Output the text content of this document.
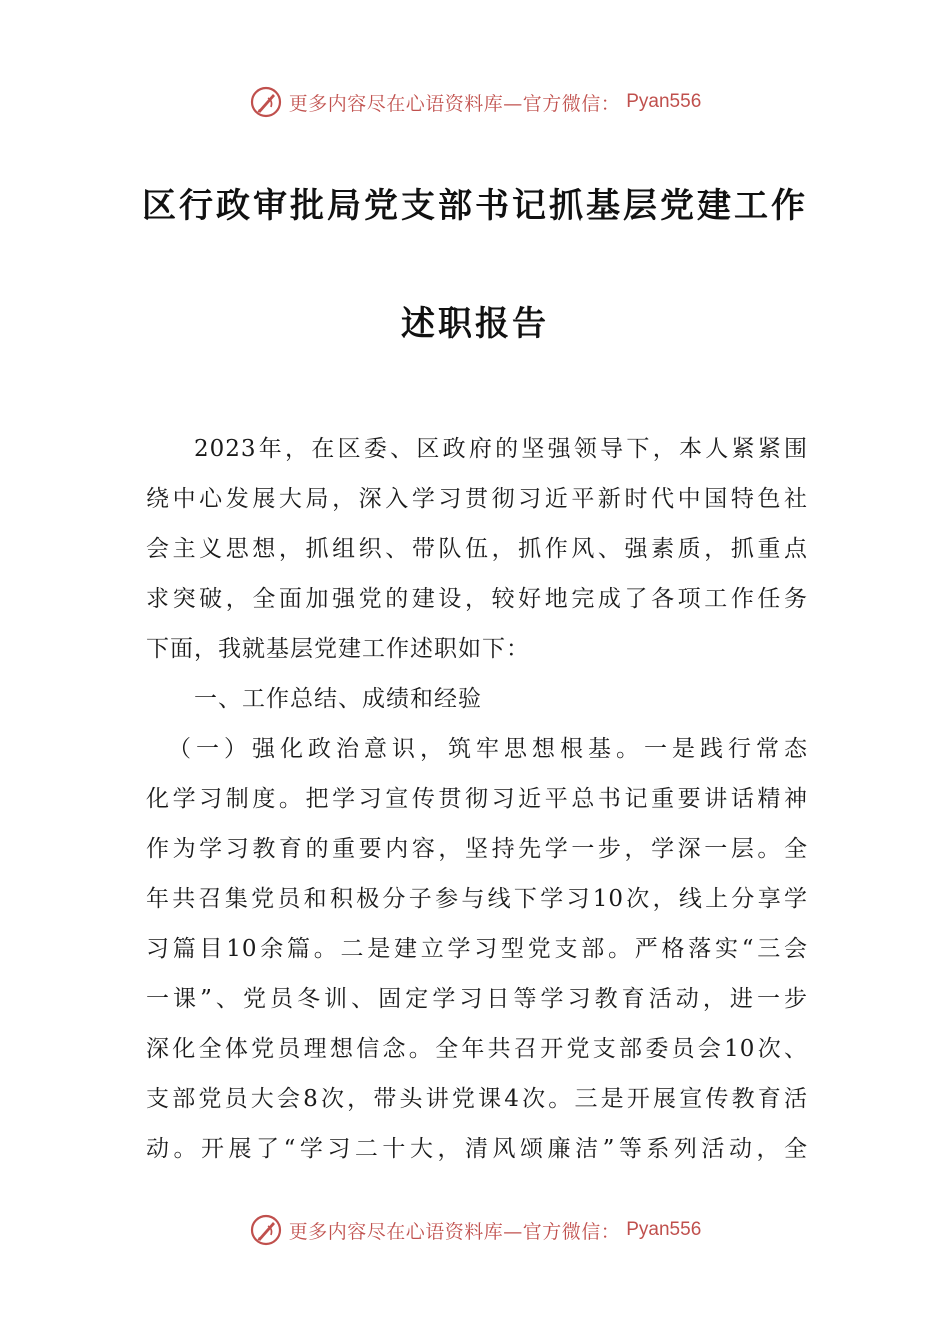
更多内容尽在心语资料库—官方微信： Pyan556
区行政审批局党支部书记抓基层党建工作
述职报告
2023年，在区委、区政府的坚强领导下，本人紧紧围
绕中心发展大局，深入学习贯彻习近平新时代中国特色社
会主义思想，抓组织、带队伍，抓作风、强素质，抓重点
求突破，全面加强党的建设，较好地完成了各项工作任务
下面，我就基层党建工作述职如下：
一、工作总结、成绩和经验
（一）强化政治意识，筑牢思想根基。一是践行常态
化学习制度。把学习宣传贯彻习近平总书记重要讲话精神
作为学习教育的重要内容，坚持先学一步，学深一层。全
年共召集党员和积极分子参与线下学习10次，线上分享学
习篇目10余篇。二是建立学习型党支部。严格落实“三会
一课”、党员冬训、固定学习日等学习教育活动，进一步
深化全体党员理想信念。全年共召开党支部委员会10次、
支部党员大会8次，带头讲党课4次。三是开展宣传教育活
动。开展了“学习二十大，清风颂廉洁”等系列活动，全
更多内容尽在心语资料库—官方微信： Pyan556
